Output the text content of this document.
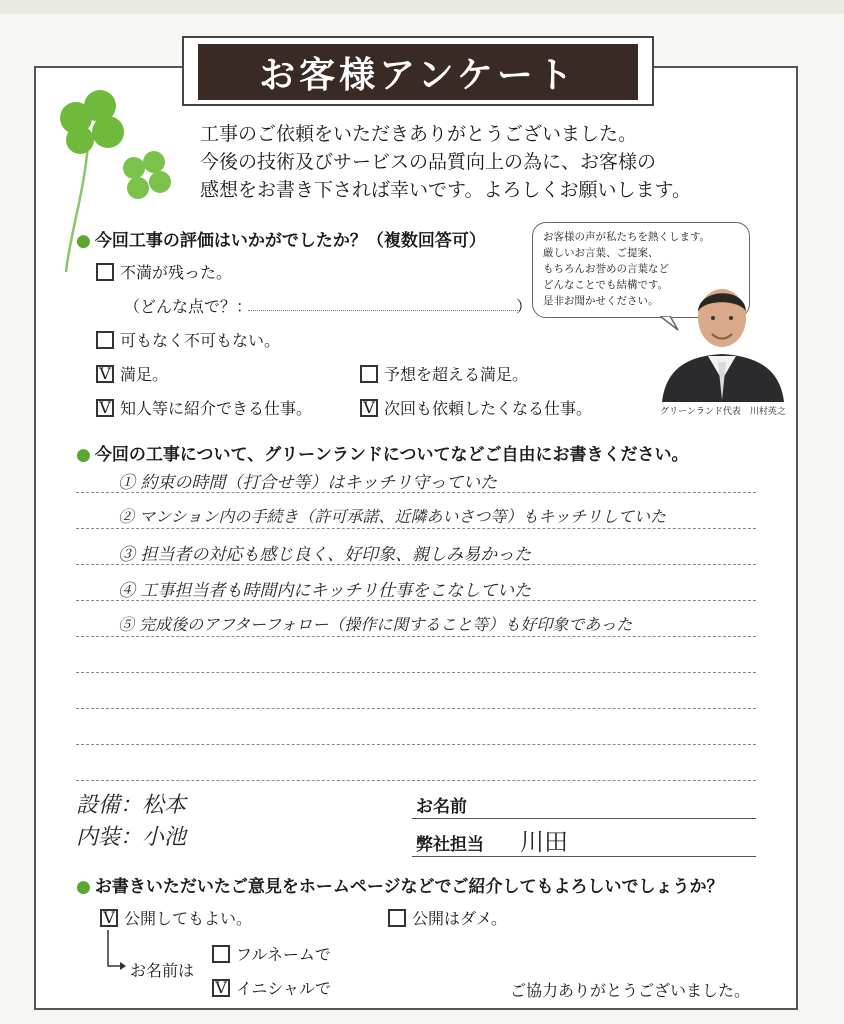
お客様アンケート
工事のご依頼をいただきありがとうございました。
今後の技術及びサービスの品質向上の為に、お客様の
感想をお書き下されば幸いです。よろしくお願いします。
● 今回工事の評価はいかがでしたか？（複数回答可）
不満が残った。
（どんな点で？：	）
可もなく不可もない。
V 満足。	予想を超える満足。
V 知人等に紹介できる仕事。	V 次回も依頼したくなる仕事。
お客様の声が私たちを熱くします。
厳しいお言葉、ご提案、
もちろんお誉めの言葉など
どんなことでも結構です。
是非お聞かせください。
グリーンランド代表　川村英之
● 今回の工事について、グリーンランドについてなどご自由にお書きください。
① 約束の時間（打合せ等）はキッチリ守っていた
② マンション内の手続き（許可承諾、近隣あいさつ等）もキッチリしていた
③ 担当者の対応も感じ良く、好印象、親しみ易かった
④ 工事担当者も時間内にキッチリ仕事をこなしていた
⑤ 完成後のアフターフォロー（操作に関すること等）も好印象であった
設備：松本
内装：小池
お名前
弊社担当 川田
● お書きいただいたご意見をホームページなどでご紹介してもよろしいでしょうか？
V 公開してもよい。	公開はダメ。
お名前は
フルネームで
V イニシャルで	ご協力ありがとうございました。
